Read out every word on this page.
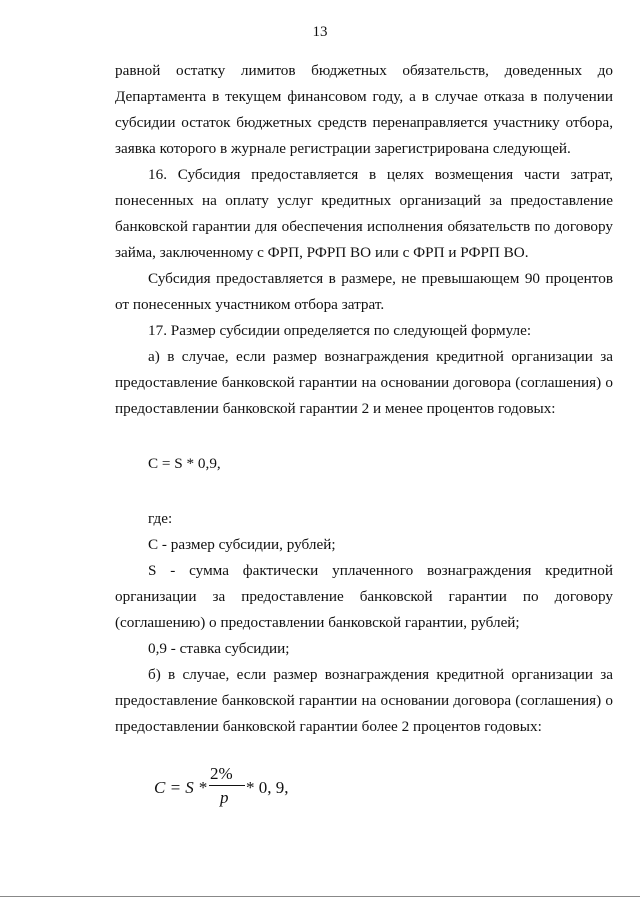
13
равной остатку лимитов бюджетных обязательств, доведенных до
Департамента в текущем финансовом году, а в случае отказа в получении
субсидии остаток бюджетных средств перенаправляется участнику отбора,
заявка которого в журнале регистрации зарегистрирована следующей.
16. Субсидия предоставляется в целях возмещения части затрат,
понесенных на оплату услуг кредитных организаций за предоставление
банковской гарантии для обеспечения исполнения обязательств по договору
займа, заключенному с ФРП, РФРП ВО или с ФРП и РФРП ВО.
Субсидия предоставляется в размере, не превышающем 90 процентов
от понесенных участником отбора затрат.
17. Размер субсидии определяется по следующей формуле:
а) в случае, если размер вознаграждения кредитной организации за
предоставление банковской гарантии на основании договора (соглашения) о
предоставлении банковской гарантии 2 и менее процентов годовых:
С = S * 0,9,
где:
С - размер субсидии, рублей;
S - сумма фактически уплаченного вознаграждения кредитной
организации за предоставление банковской гарантии по договору
(соглашению) о предоставлении банковской гарантии, рублей;
0,9 - ставка субсидии;
б) в случае, если размер вознаграждения кредитной организации за
предоставление банковской гарантии на основании договора (соглашения) о
предоставлении банковской гарантии более 2 процентов годовых:
C = S *
2%
p
* 0, 9,
